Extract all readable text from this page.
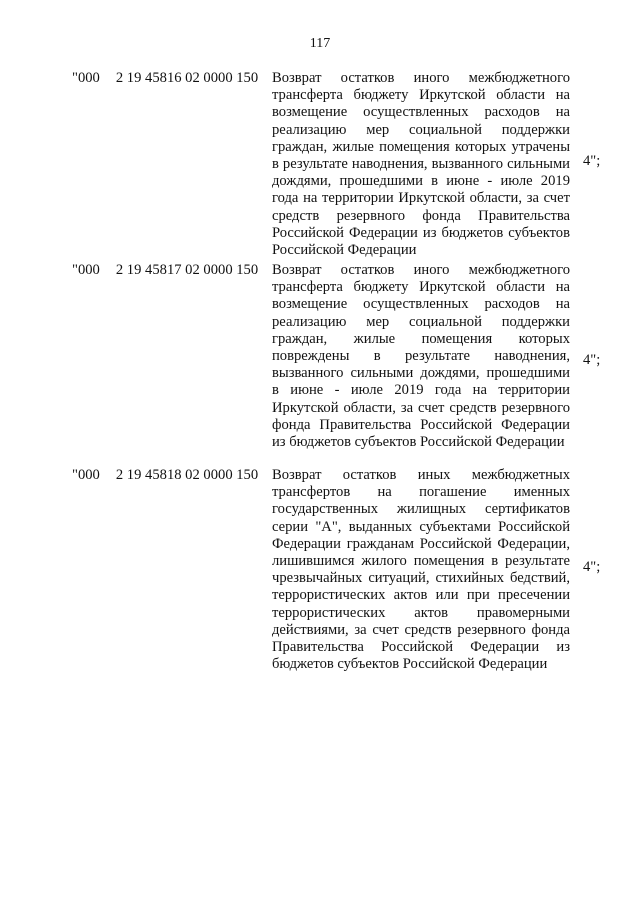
117
"000 2 19 45816 02 0000 150 Возврат остатков иного межбюджетного трансферта бюджету Иркутской области на возмещение осуществленных расходов на реализацию мер социальной поддержки граждан, жилые помещения которых утрачены в результате наводнения, вызванного сильными дождями, прошедшими в июне - июле 2019 года на территории Иркутской области, за счет средств резервного фонда Правительства Российской Федерации из бюджетов субъектов Российской Федерации
4";
"000 2 19 45817 02 0000 150 Возврат остатков иного межбюджетного трансферта бюджету Иркутской области на возмещение осуществленных расходов на реализацию мер социальной поддержки граждан, жилые помещения которых повреждены в результате наводнения, вызванного сильными дождями, прошедшими в июне - июле 2019 года на территории Иркутской области, за счет средств резервного фонда Правительства Российской Федерации из бюджетов субъектов Российской Федерации
4";
"000 2 19 45818 02 0000 150 Возврат остатков иных межбюджетных трансфертов на погашение именных государственных жилищных сертификатов серии "А", выданных субъектами Российской Федерации гражданам Российской Федерации, лишившимся жилого помещения в результате чрезвычайных ситуаций, стихийных бедствий, террористических актов или при пресечении террористических актов правомерными действиями, за счет средств резервного фонда Правительства Российской Федерации из бюджетов субъектов Российской Федерации
4";
